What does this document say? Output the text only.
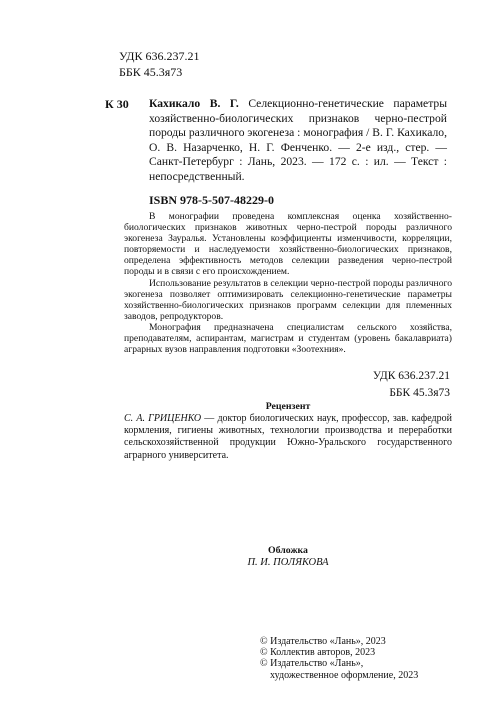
УДК 636.237.21
ББК 45.3я73
К 30 Кахикало В. Г. Селекционно-генетические параметры хозяйственно-биологических признаков черно-пестрой породы различного экогенеза : монография / В. Г. Кахикало, О. В. Назарченко, Н. Г. Фенченко. — 2-е изд., стер. — Санкт-Петербург : Лань, 2023. — 172 с. : ил. — Текст : непосредственный.
ISBN 978-5-507-48229-0

В монографии проведена комплексная оценка хозяйственно-биологических признаков животных черно-пестрой породы различного экогенеза Зауралья. Установлены коэффициенты изменчивости, корреляции, повторяемости и наследуемости хозяйственно-биологических признаков, определена эффективность методов селекции разведения черно-пестрой породы и в связи с его происхождением.

Использование результатов в селекции черно-пестрой породы различного экогенеза позволяет оптимизировать селекционно-генетические параметры хозяйственно-биологических признаков программ селекции для племенных заводов, репродукторов.

Монография предназначена специалистам сельского хозяйства, преподавателям, аспирантам, магистрам и студентам (уровень бакалавриата) аграрных вузов направления подготовки «Зоотехния».

УДК 636.237.21
ББК 45.3я73
Рецензент
С. А. ГРИЦЕНКО — доктор биологических наук, профессор, зав. кафедрой кормления, гигиены животных, технологии производства и переработки сельскохозяйственной продукции Южно-Уральского государственного аграрного университета.
Обложка
П. И. ПОЛЯКОВА
© Издательство «Лань», 2023
© Коллектив авторов, 2023
© Издательство «Лань»,
художественное оформление, 2023
